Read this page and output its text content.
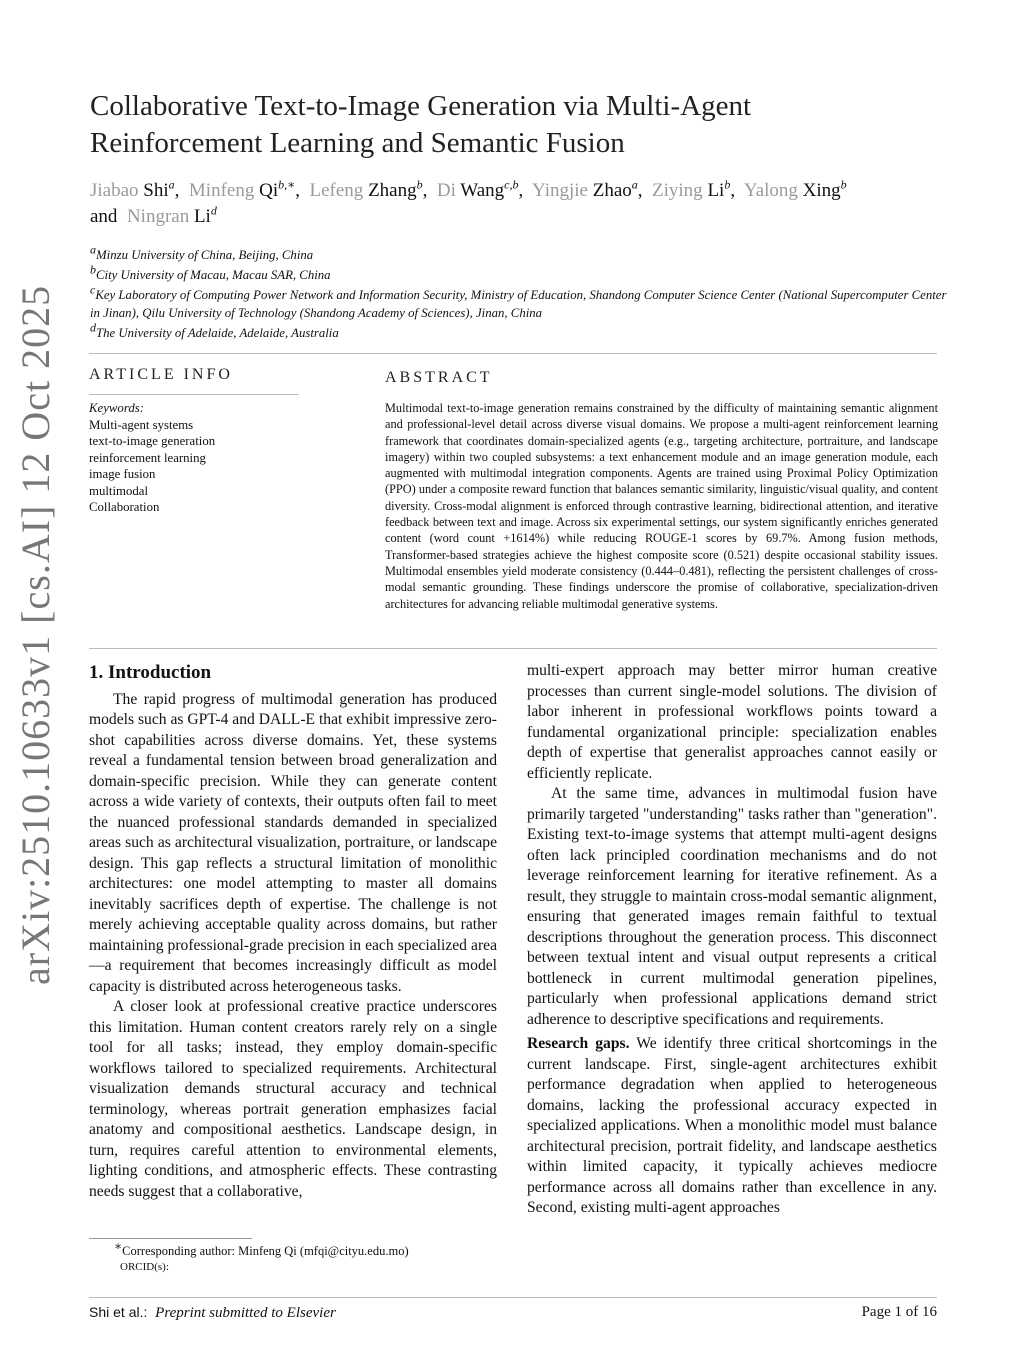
Collaborative Text-to-Image Generation via Multi-Agent
Reinforcement Learning and Semantic Fusion
Jiabao Shi$^a$,  Minfeng $Qi^{b,∗}$,  Lefeng Zhang$^b$,  Di Wang$^{c,b}$,  Yingjie Zhao$^a$,  Ziying Li$^b$,  Yalong Xing$^b$
and Ningran Li$^d$
$^a$Minzu University of China, Beijing, China
$^b$City University of Macau, Macau SAR, China
$^c$Key Laboratory of Computing Power Network and Information Security, Ministry of Education, Shandong Computer Science Center (National Supercomputer Center in Jinan), Qilu University of Technology (Shandong Academy of Sciences), Jinan, China
$^d$The University of Adelaide, Adelaide, Australia
arXiv:2510.10633v1 [cs.AI] 12 Oct 2025	ARTICLE INFO
Keywords:
Multi-agent systems
text-to-image generation
reinforcement learning
image fusion
multimodal
Collaboration
ABSTRACT
Multimodal text-to-image generation remains constrained by the difficulty of maintaining semantic alignment and professional-level detail across diverse visual domains. We propose a multi-agent reinforcement learning framework that coordinates domain-specialized agents (e.g., targeting architecture, portraiture, and landscape imagery) within two coupled subsystems: a text enhancement module and an image generation module, each augmented with multimodal integration components. Agents are trained using Proximal Policy Optimization (PPO) under a composite reward function that balances semantic similarity, linguistic/visual quality, and content diversity. Cross-modal alignment is enforced through contrastive learning, bidirectional attention, and iterative feedback between text and image. Across six experimental settings, our system significantly enriches generated content (word count +1614%) while reducing ROUGE-1 scores by 69.7%. Among fusion methods, Transformer-based strategies achieve the highest composite score (0.521) despite occasional stability issues. Multimodal ensembles yield moderate consistency (0.444–0.481), reflecting the persistent challenges of cross-modal semantic grounding. These findings underscore the promise of collaborative, specialization-driven architectures for advancing reliable multimodal generative systems.
1. Introduction

The rapid progress of multimodal generation has produced models such as GPT-4 and DALL-E that exhibit impressive zero-shot capabilities across diverse domains. Yet, these systems reveal a fundamental tension between broad generalization and domain-specific precision. While they can generate content across a wide variety of contexts, their outputs often fail to meet the nuanced professional standards demanded in specialized areas such as architectural visualization, portraiture, or landscape design. This gap reflects a structural limitation of monolithic architectures: one model attempting to master all domains inevitably sacrifices depth of expertise. The challenge is not merely achieving acceptable quality across domains, but rather maintaining professional-grade precision in each specialized area—a requirement that becomes increasingly difficult as model capacity is distributed across heterogeneous tasks.

A closer look at professional creative practice underscores this limitation. Human content creators rarely rely on a single tool for all tasks; instead, they employ domain-specific workflows tailored to specialized requirements. Architectural visualization demands structural accuracy and technical terminology, whereas portrait generation emphasizes facial anatomy and compositional aesthetics. Landscape design, in turn, requires careful attention to environmental elements, lighting conditions, and atmospheric effects. These contrasting needs suggest that a collaborative,

multi-expert approach may better mirror human creative processes than current single-model solutions. The division of labor inherent in professional workflows points toward a fundamental organizational principle: specialization enables depth of expertise that generalist approaches cannot easily or efficiently replicate.

At the same time, advances in multimodal fusion have primarily targeted "understanding" tasks rather than "generation". Existing text-to-image systems that attempt multi-agent designs often lack principled coordination mechanisms and do not leverage reinforcement learning for iterative refinement. As a result, they struggle to maintain cross-modal semantic alignment, ensuring that generated images remain faithful to textual descriptions throughout the generation process. This disconnect between textual intent and visual output represents a critical bottleneck in current multimodal generation pipelines, particularly when professional applications demand strict adherence to descriptive specifications and requirements.

Research gaps. We identify three critical shortcomings in the current landscape. First, single-agent architectures exhibit performance degradation when applied to heterogeneous domains, lacking the professional accuracy expected in specialized applications. When a monolithic model must balance architectural precision, portrait fidelity, and landscape aesthetics within limited capacity, it typically achieves mediocre performance across all domains rather than excellence in any. Second, existing multi-agent approaches

∗Corresponding author: Minfeng Qi (mfqi@cityu.edu.mo)
ORCID(s):
Shi et al.: Preprint submitted to Elsevier	Page 1 of 16
